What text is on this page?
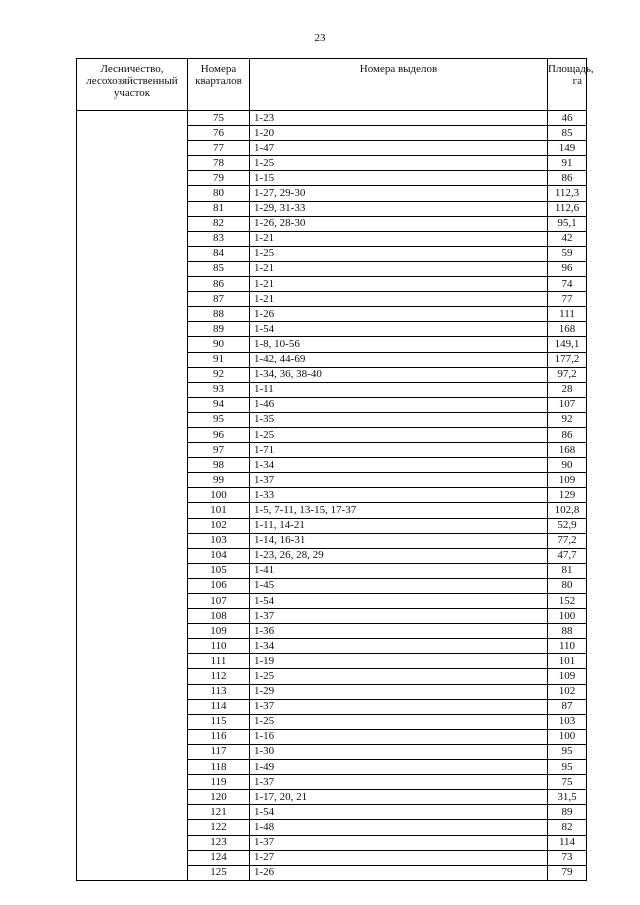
23
Лесничество, лесохозяйственный участок	Номера кварталов	Номера выделов	Площадь, га
	75	1-23	46
	76	1-20	85
	77	1-47	149
	78	1-25	91
	79	1-15	86
	80	1-27, 29-30	112,3
	81	1-29, 31-33	112,6
	82	1-26, 28-30	95,1
	83	1-21	42
	84	1-25	59
	85	1-21	96
	86	1-21	74
	87	1-21	77
	88	1-26	111
	89	1-54	168
	90	1-8, 10-56	149,1
	91	1-42, 44-69	177,2
	92	1-34, 36, 38-40	97,2
	93	1-11	28
	94	1-46	107
	95	1-35	92
	96	1-25	86
	97	1-71	168
	98	1-34	90
	99	1-37	109
	100	1-33	129
	101	1-5, 7-11, 13-15, 17-37	102,8
	102	1-11, 14-21	52,9
	103	1-14, 16-31	77,2
	104	1-23, 26, 28, 29	47,7
	105	1-41	81
	106	1-45	80
	107	1-54	152
	108	1-37	100
	109	1-36	88
	110	1-34	110
	111	1-19	101
	112	1-25	109
	113	1-29	102
	114	1-37	87
	115	1-25	103
	116	1-16	100
	117	1-30	95
	118	1-49	95
	119	1-37	75
	120	1-17, 20, 21	31,5
	121	1-54	89
	122	1-48	82
	123	1-37	114
	124	1-27	73
	125	1-26	79
